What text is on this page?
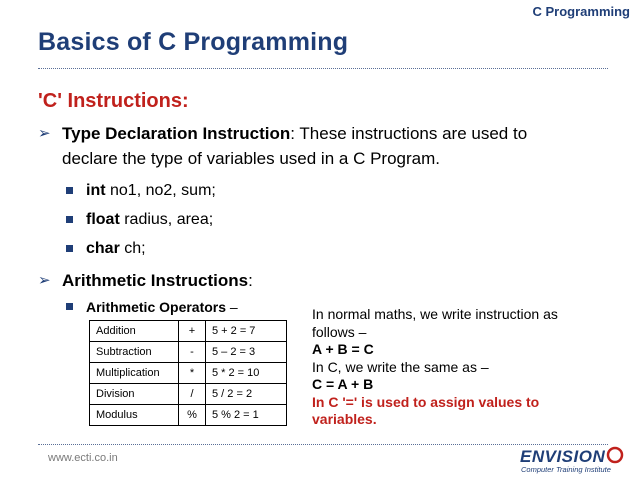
C Programming
Basics of C Programming
'C' Instructions:
➢ Type Declaration Instruction: These instructions are used to
declare the type of variables used in a C Program.
int no1, no2, sum;
float radius, area;
char ch;
➢ Arithmetic Instructions:
Arithmetic Operators –
Addition	+	5 + 2 = 7
Subtraction	-	5 – 2 = 3
Multiplication	*	5 * 2 = 10
Division	/	5 / 2 = 2
Modulus	%	5 % 2 = 1
In normal maths, we write instruction as
follows –
A + B = C
In C, we write the same as –
C = A + B
In C '=' is used to assign values to
variables.
www.ecti.co.in	ENVISION
Computer Training Institute
